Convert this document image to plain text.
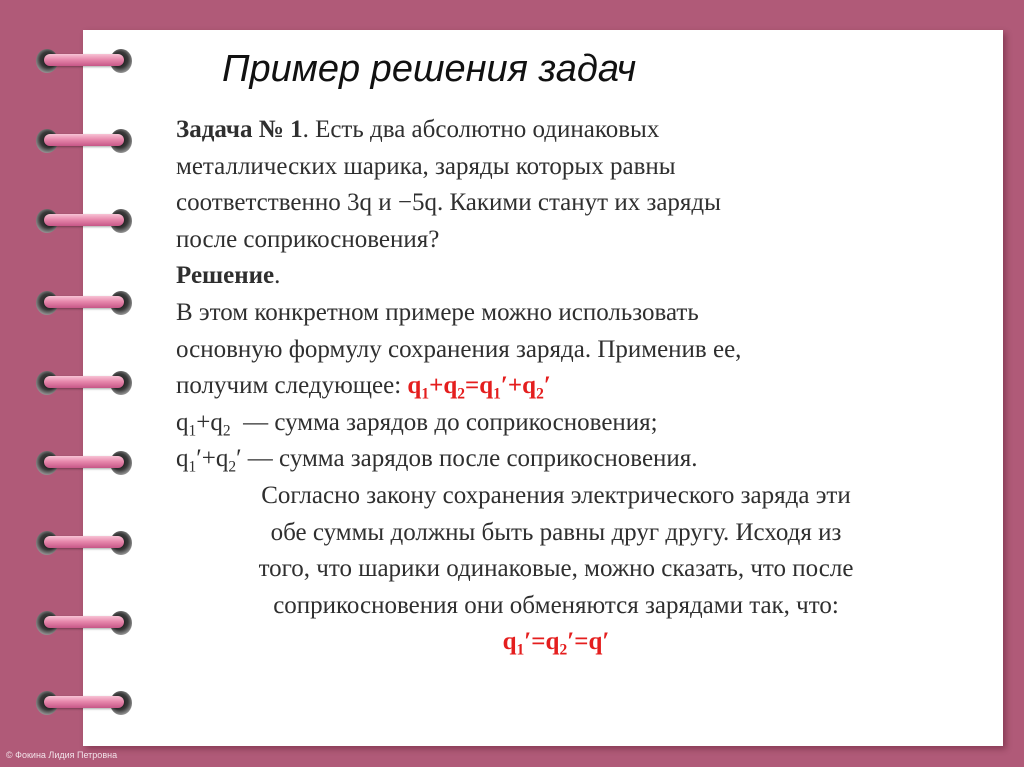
Пример решения задач
Задача № 1. Есть два абсолютно одинаковых
металлических шарика, заряды которых равны
соответственно 3q и −5q. Какими станут их заряды
после соприкосновения?
Решение.
В этом конкретном примере можно использовать
основную формулу сохранения заряда. Применив ее,
получим следующее: $q_1+q_2=q_1'+q_2'$
$q_1+q_2$  — сумма зарядов до соприкосновения;
$q_1'+q_2'$ — сумма зарядов после соприкосновения.
Согласно закону сохранения электрического заряда эти
обе суммы должны быть равны друг другу. Исходя из
того, что шарики одинаковые, можно сказать, что после
соприкосновения они обменяются зарядами так, что:
$q_1'=q_2'=q'$
© Фокина Лидия Петровна
